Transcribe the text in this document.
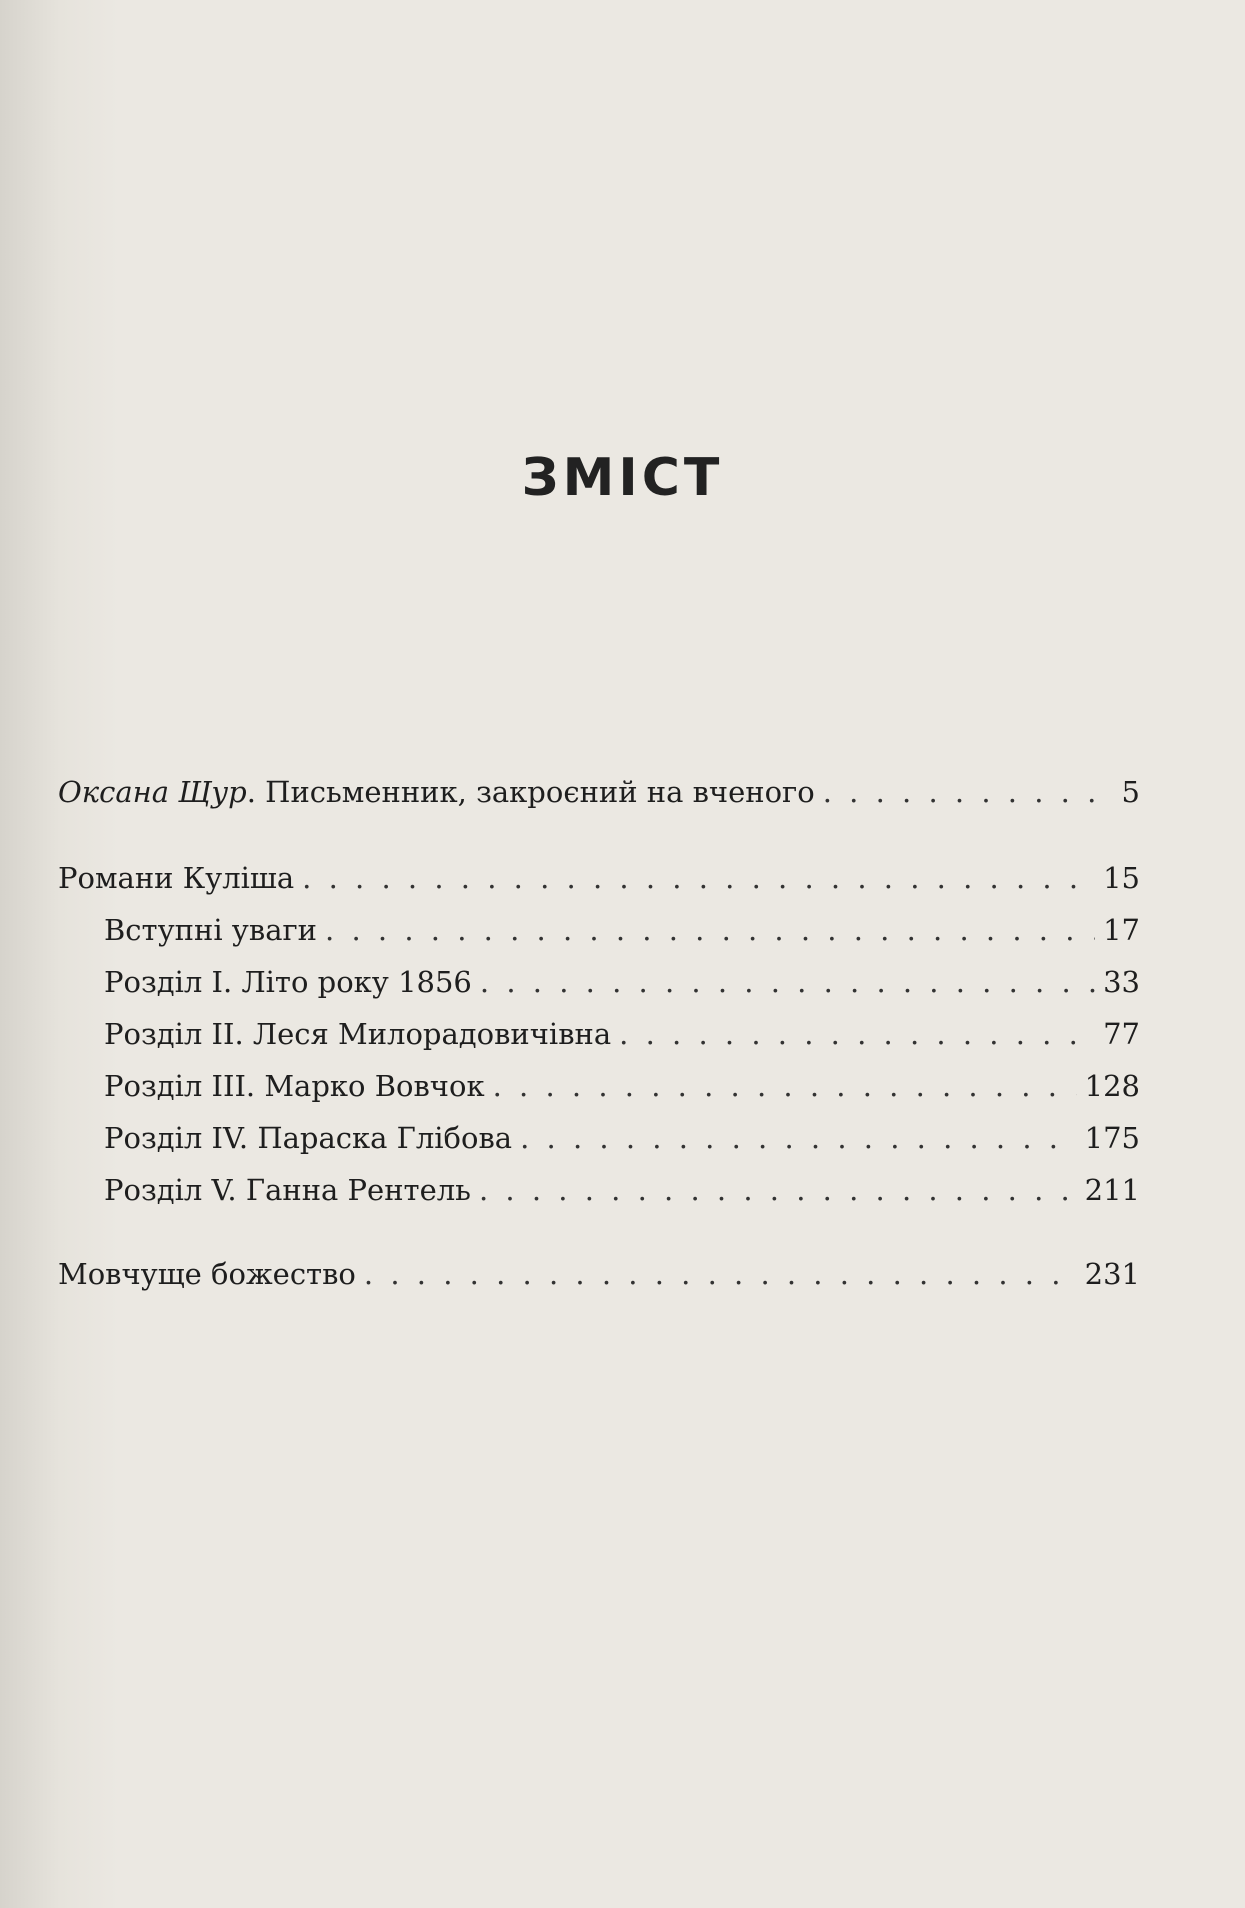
ЗМІСТ
Оксана Щур. Письменник, закроєний на вченого . . .	5
Романи Куліша . . .	15
Вступні уваги . . .	17
Розділ I. Літо року 1856 . . .	33
Розділ II. Леся Милорадовичівна . . .	77
Розділ III. Марко Вовчок . . .	128
Розділ IV. Параска Глібова . . .	175
Розділ V. Ганна Рентель . . .	211
Мовчуще божество . . .	231
